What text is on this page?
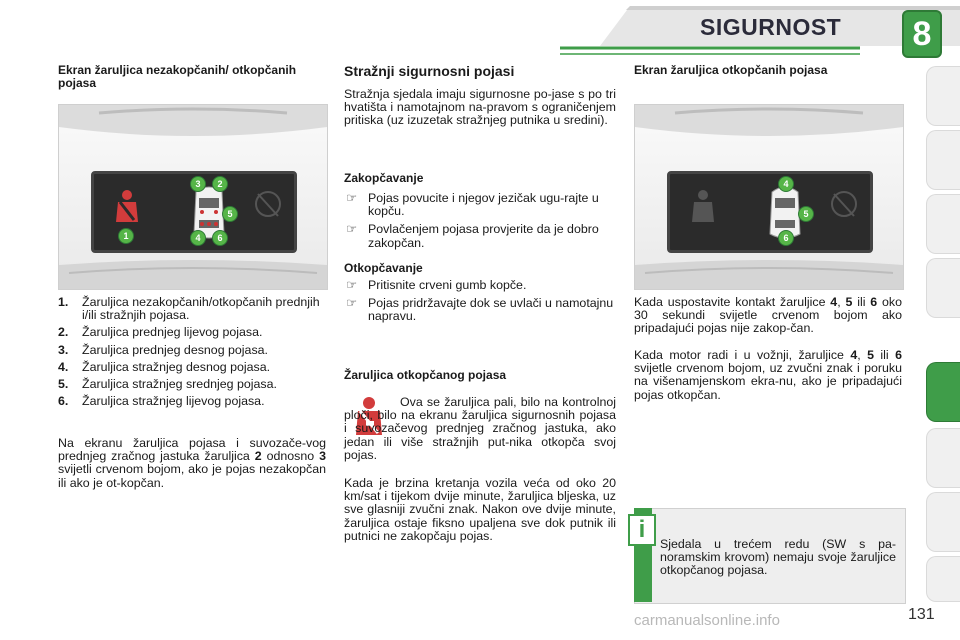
SIGURNOST	8
Ekran žaruljica nezakopčanih/ otkopčanih pojasa
3	2
5
1	4	6
1.	Žaruljica nezakopčanih/otkopčanih prednjih i/ili stražnjih pojasa.
2.	Žaruljica prednjeg lijevog pojasa.
3.	Žaruljica prednjeg desnog pojasa.
4.	Žaruljica stražnjeg desnog pojasa.
5.	Žaruljica stražnjeg srednjeg pojasa.
6.	Žaruljica stražnjeg lijevog pojasa.

Na ekranu žaruljica pojasa i suvozače-vog prednjeg zračnog jastuka žaruljica 2 odnosno 3 svijetli crvenom bojom, ako je pojas nezakopčan ili ako je ot-kopčan.

Stražnji sigurnosni pojasi

Stražnja sjedala imaju sigurnosne po-jase s po tri hvatišta i namotajnom na-pravom s ograničenjem pritiska (uz izuzetak stražnjeg putnika u sredini).

Zakopčavanje
☞ Pojas povucite i njegov jezičak ugu-rajte u kopču.
☞ Povlačenjem pojasa provjerite da je dobro zakopčan.
Otkopčavanje
☞ Pritisnite crveni gumb kopče.
☞ Pojas pridržavajte dok se uvlači u namotajnu napravu.
Žaruljica otkopčanog pojasa

Ova se žaruljica pali, bilo na kontrolnoj ploči, bilo na ekranu žaruljica sigurnosnih pojasa i suvozačevog prednjeg zračnog jastuka, ako jedan ili više stražnjih put-nika otkopča svoj pojas.

Kada je brzina kretanja vozila veća od oko 20 km/sat i tijekom dvije minute, žaruljica bljeska, uz sve glasniji zvučni znak. Nakon ove dvije minute, žaruljica ostaje fiksno upaljena sve dok putnik ili putnici ne zakopčaju pojas.

Ekran žaruljica otkopčanih pojasa
4
5
6

Kada uspostavite kontakt žaruljice 4, 5 ili 6 oko 30 sekundi svijetle crvenom bojom ako pripadajući pojas nije zakop-čan.

Kada motor radi i u vožnji, žaruljice 4, 5 ili 6 svijetle crvenom bojom, uz zvučni znak i poruku na višenamjenskom ekra-nu, ako je pripadajući pojas otkopčan.

i

Sjedala u trećem redu (SW s pa-noramskim krovom) nemaju svoje žaruljice otkopčanog pojasa.

131
carmanualsonline.info
